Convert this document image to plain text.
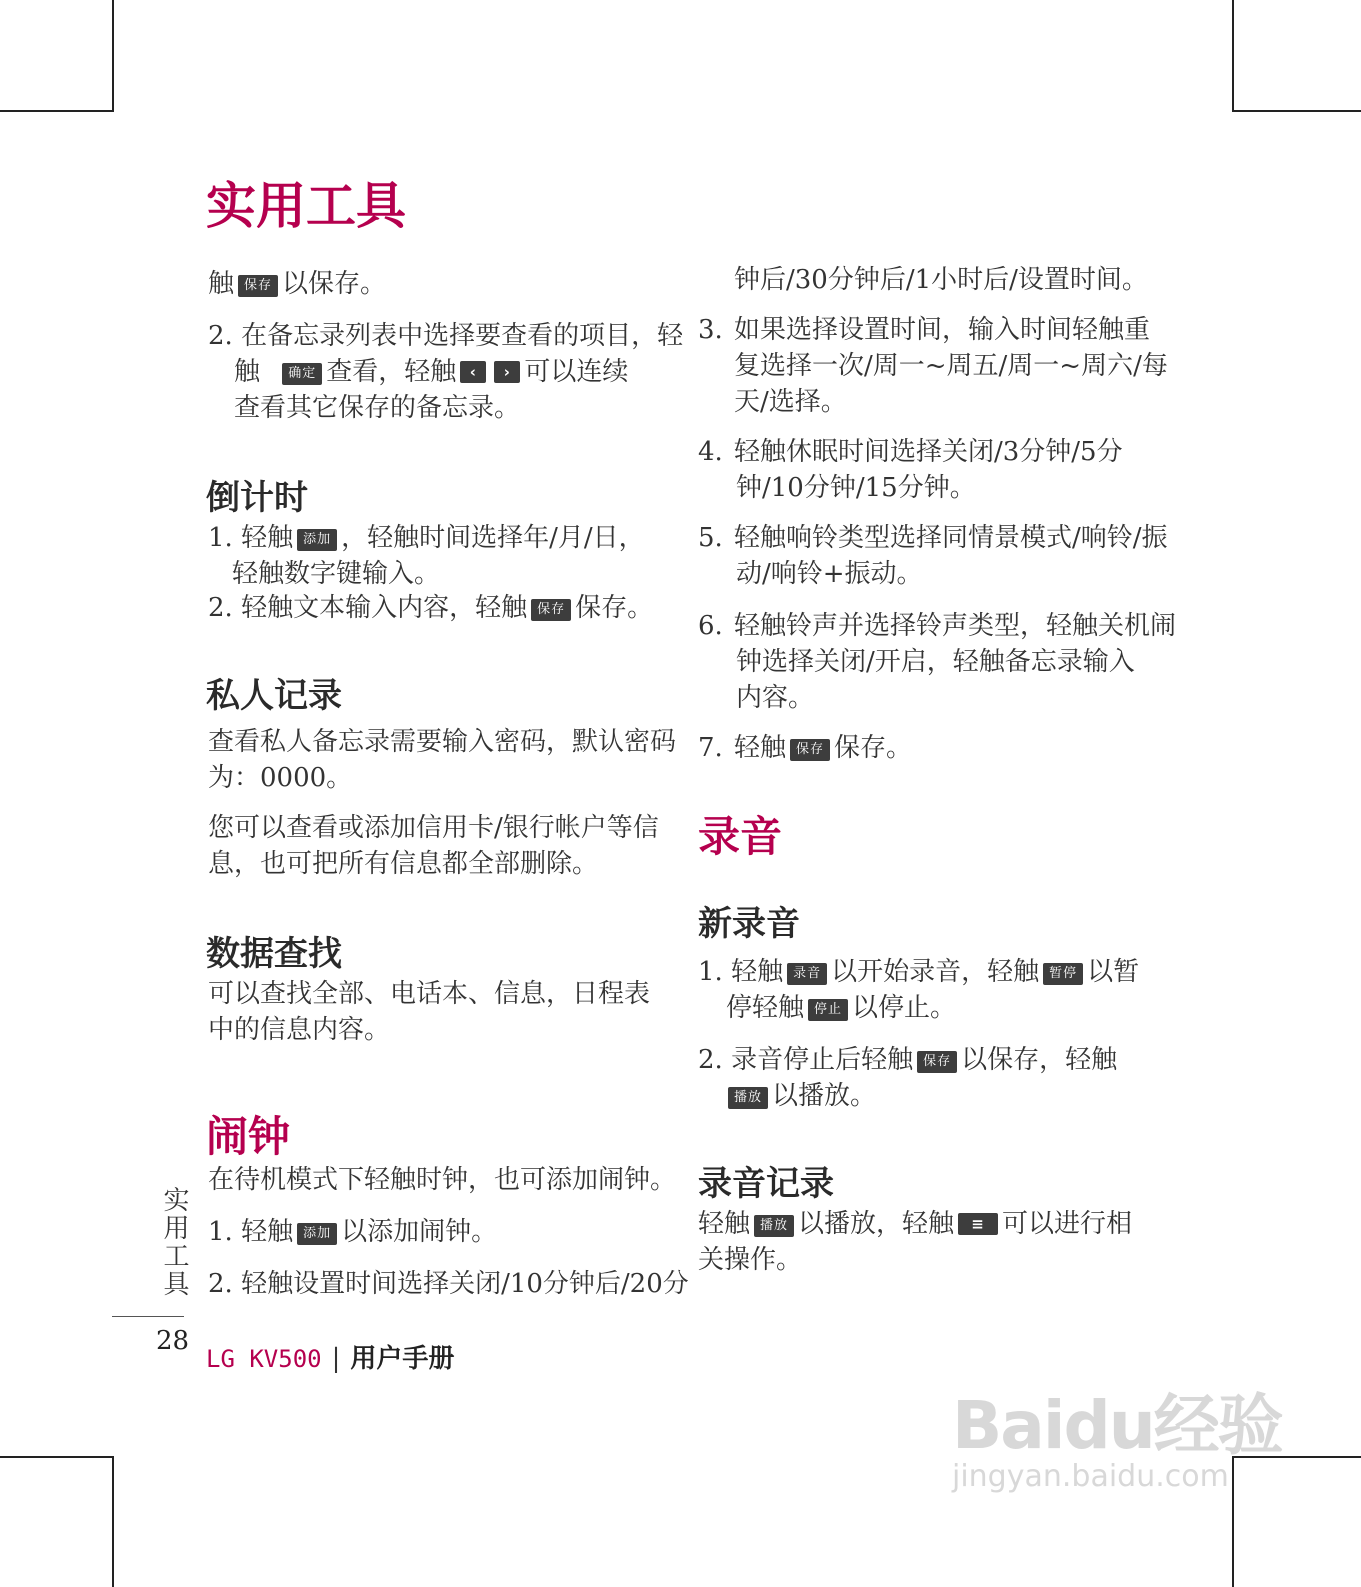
实用工具
触 保存 以保存。
2. 在备忘录列表中选择要查看的项目，轻
触 确定 查看，轻触 ‹ › 可以连续
查看其它保存的备忘录。
倒计时
1. 轻触 添加 ，轻触时间选择年/月/日，
轻触数字键输入。
2. 轻触文本输入内容，轻触 保存 保存。
私人记录
查看私人备忘录需要输入密码，默认密码
为：0000。
您可以查看或添加信用卡/银行帐户等信
息，也可把所有信息都全部删除。
数据查找
可以查找全部、电话本、信息，日程表
中的信息内容。
闹钟
在待机模式下轻触时钟，也可添加闹钟。
1. 轻触 添加 以添加闹钟。
2. 轻触设置时间选择关闭/10分钟后/20分
钟后/30分钟后/1小时后/设置时间。
3. 如果选择设置时间，输入时间轻触重
复选择一次/周一~周五/周一~周六/每
天/选择。
4. 轻触休眠时间选择关闭/3分钟/5分
钟/10分钟/15分钟。
5. 轻触响铃类型选择同情景模式/响铃/振
动/响铃+振动。
6. 轻触铃声并选择铃声类型，轻触关机闹
钟选择关闭/开启，轻触备忘录输入
内容。
7. 轻触 保存 保存。
录音
新录音
1. 轻触 录音 以开始录音，轻触 暂停 以暂
停轻触 停止 以停止。
2. 录音停止后轻触 保存 以保存，轻触
播放 以播放。
录音记录
轻触 播放 以播放，轻触 ≡ 可以进行相
关操作。
实用工具
28
LG KV500 | 用户手册
Baidu经验
jingyan.baidu.com
